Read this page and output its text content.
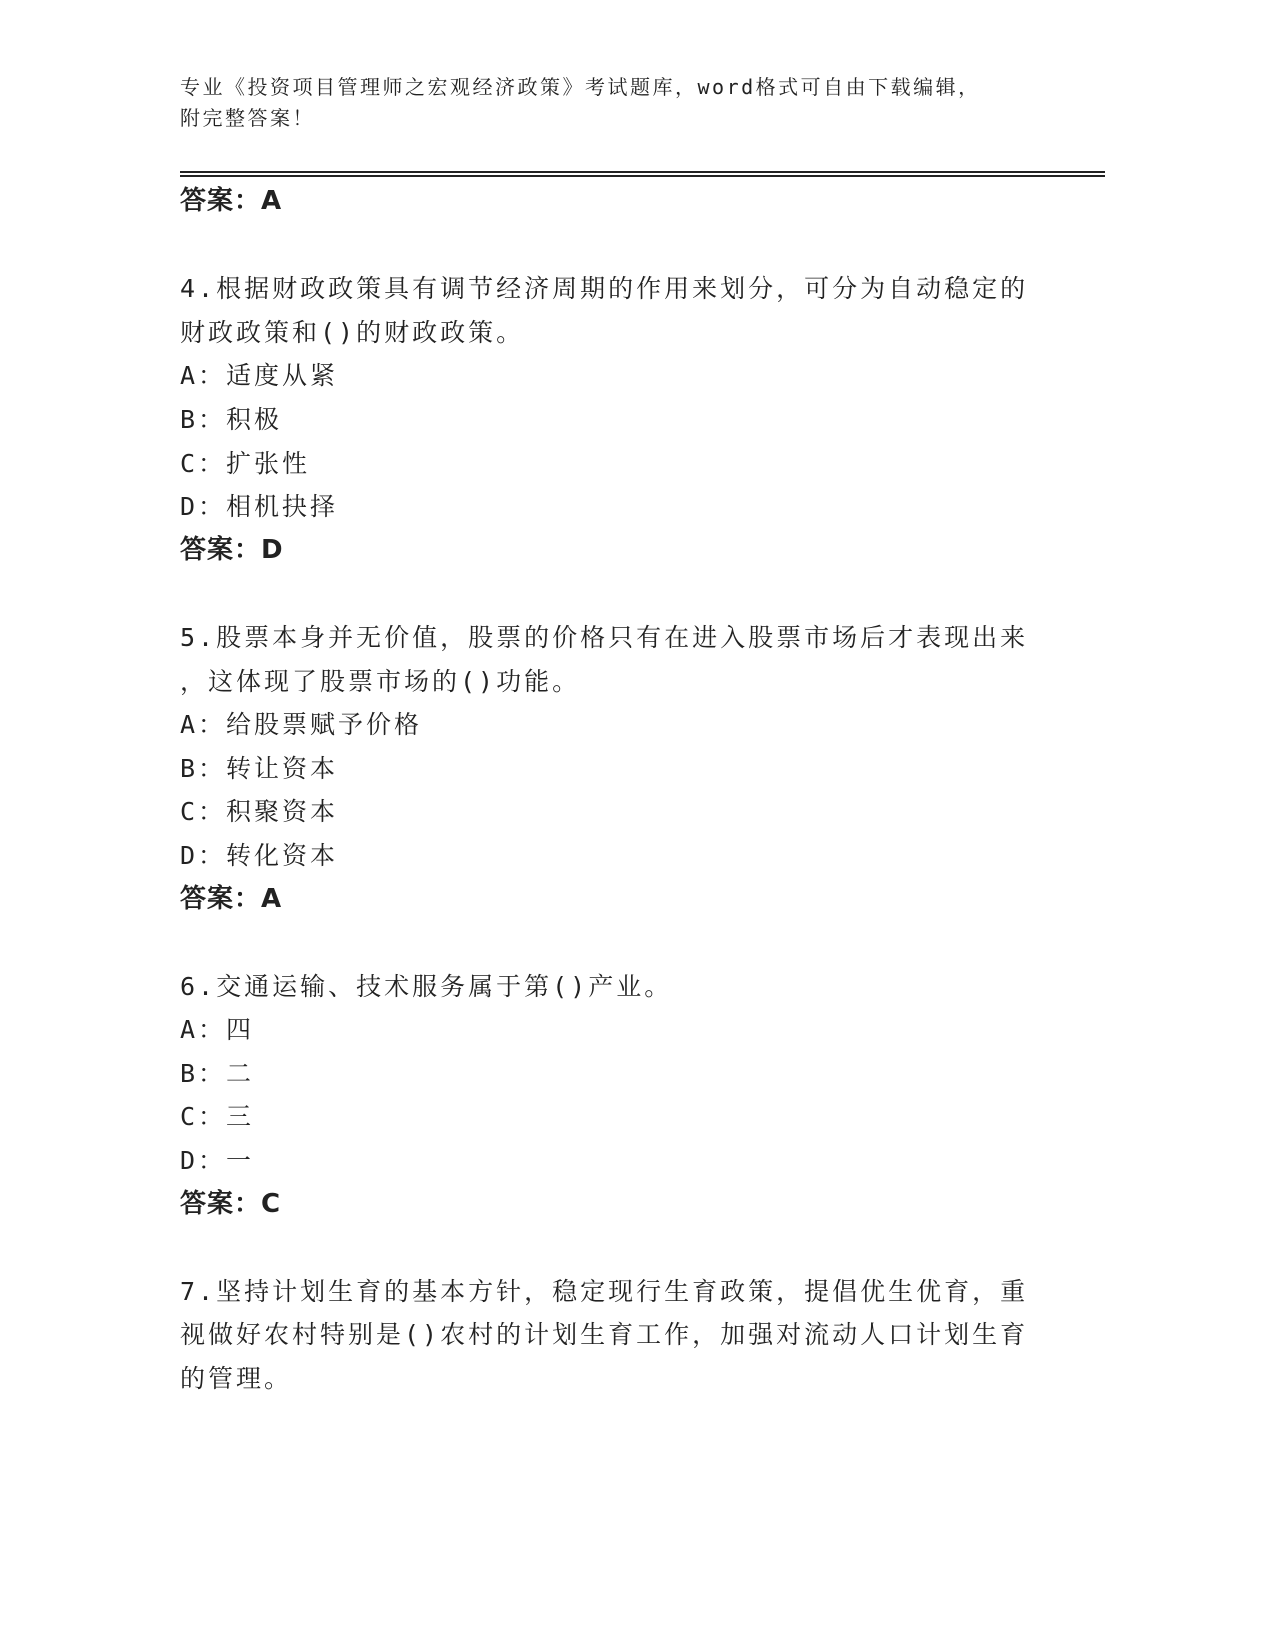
专业《投资项目管理师之宏观经济政策》考试题库，word格式可自由下载编辑，
附完整答案！
答案：A
4.根据财政政策具有调节经济周期的作用来划分，可分为自动稳定的
财政政策和()的财政政策。
A：适度从紧
B：积极
C：扩张性
D：相机抉择
答案：D
5.股票本身并无价值，股票的价格只有在进入股票市场后才表现出来
，这体现了股票市场的()功能。
A：给股票赋予价格
B：转让资本
C：积聚资本
D：转化资本
答案：A
6.交通运输、技术服务属于第()产业。
A：四
B：二
C：三
D：一
答案：C
7.坚持计划生育的基本方针，稳定现行生育政策，提倡优生优育，重
视做好农村特别是()农村的计划生育工作，加强对流动人口计划生育
的管理。
